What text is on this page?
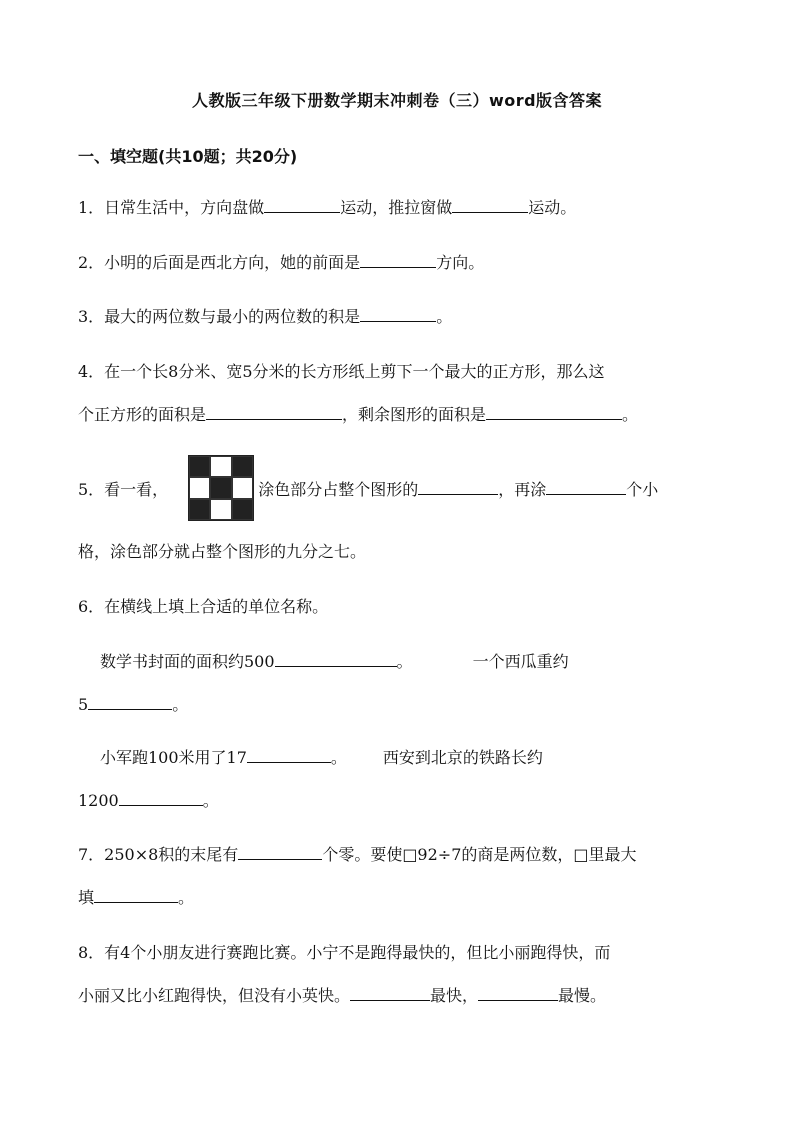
人教版三年级下册数学期末冲刺卷（三）word版含答案
一、填空题(共10题；共20分)
1．日常生活中，方向盘做	运动，推拉窗做	运动。
2．小明的后面是西北方向，她的前面是	方向。
3．最大的两位数与最小的两位数的积是	。
4．在一个长8分米、宽5分米的长方形纸上剪下一个最大的正方形，那么这
个正方形的面积是	，剩余图形的面积是	。
5．看一看，	涂色部分占整个图形的	，再涂	个小
格，涂色部分就占整个图形的九分之七。
6．在横线上填上合适的单位名称。
数学书封面的面积约500	。	一个西瓜重约
5	。
小军跑100米用了17	。 西安到北京的铁路长约
1200	。
7．250×8积的末尾有	个零。要使□92÷7的商是两位数，□里最大
填	。
8．有4个小朋友进行赛跑比赛。小宁不是跑得最快的，但比小丽跑得快，而
小丽又比小红跑得快，但没有小英快。	最快，	最慢。
